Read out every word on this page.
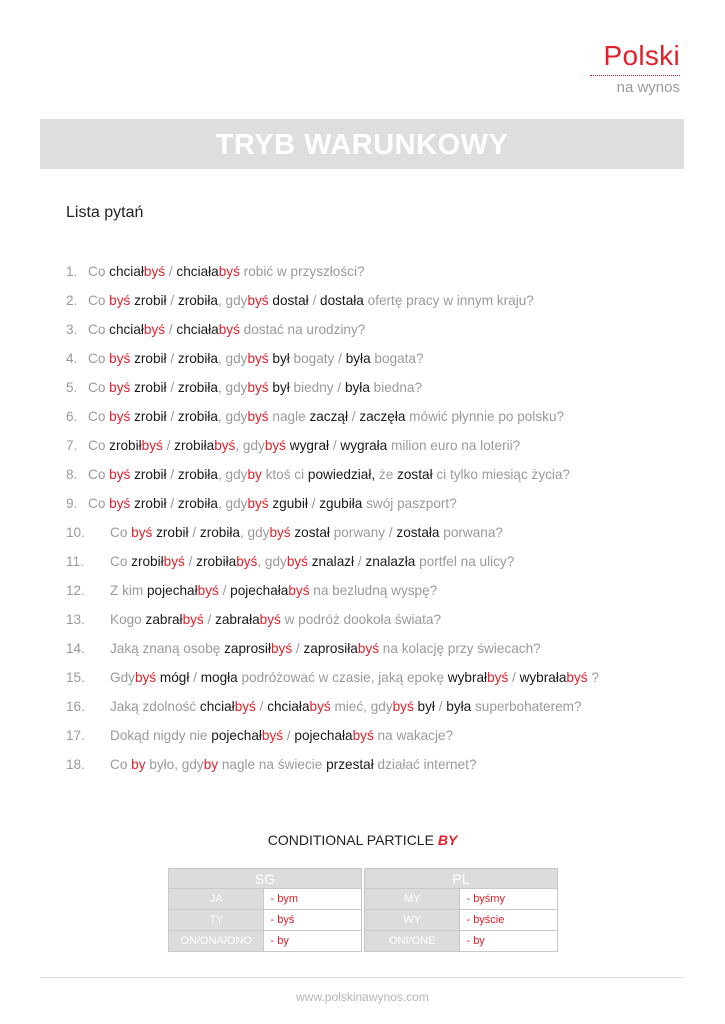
Polski
na wynos
TRYB WARUNKOWY
Lista pytań
1. Co chciałbyś / chciałabyś robić w przyszłości?
2. Co byś zrobił / zrobiła, gdybyś dostał / dostała ofertę pracy w innym kraju?
3. Co chciałbyś / chciałabyś dostać na urodziny?
4. Co byś zrobił / zrobiła, gdybyś był bogaty / była bogata?
5. Co byś zrobił / zrobiła, gdybyś był biedny / była biedna?
6. Co byś zrobił / zrobiła, gdybyś nagle zaczął / zaczęła mówić płynnie po polsku?
7. Co zrobiłbyś / zrobiłabyś, gdybyś wygrał / wygrała milion euro na loterii?
8. Co byś zrobił / zrobiła, gdyby ktoś ci powiedział, że został ci tylko miesiąc życia?
9. Co byś zrobił / zrobiła, gdybyś zgubił / zgubiła swój paszport?
10. Co byś zrobił / zrobiła, gdybyś został porwany / została porwana?
11. Co zrobiłbyś / zrobiłabyś, gdybyś znalazł / znalazła portfel na ulicy?
12. Z kim pojechałbyś / pojechałabyś na bezludną wyspę?
13. Kogo zabrałbyś / zabrałabyś w podróż dookoła świata?
14. Jaką znaną osobę zaprosiłbyś / zaprosiłabyś na kolację przy świecach?
15. Gdybyś mógł / mogła podróżować w czasie, jaką epokę wybrałbyś / wybrałabyś ?
16. Jaką zdolność chciałbyś / chciałabyś mieć, gdybyś był / była superbohaterem?
17. Dokąd nigdy nie pojechałbyś / pojechałabyś na wakacje?
18. Co by było, gdyby nagle na świecie przestał działać internet?
CONDITIONAL PARTICLE BY
SG			PL	
JA	- bym		MY	- byśmy
TY	- byś		WY	- byście
ON/ONA/ONO	- by		ONI/ONE	- by
www.polskinawynos.com
